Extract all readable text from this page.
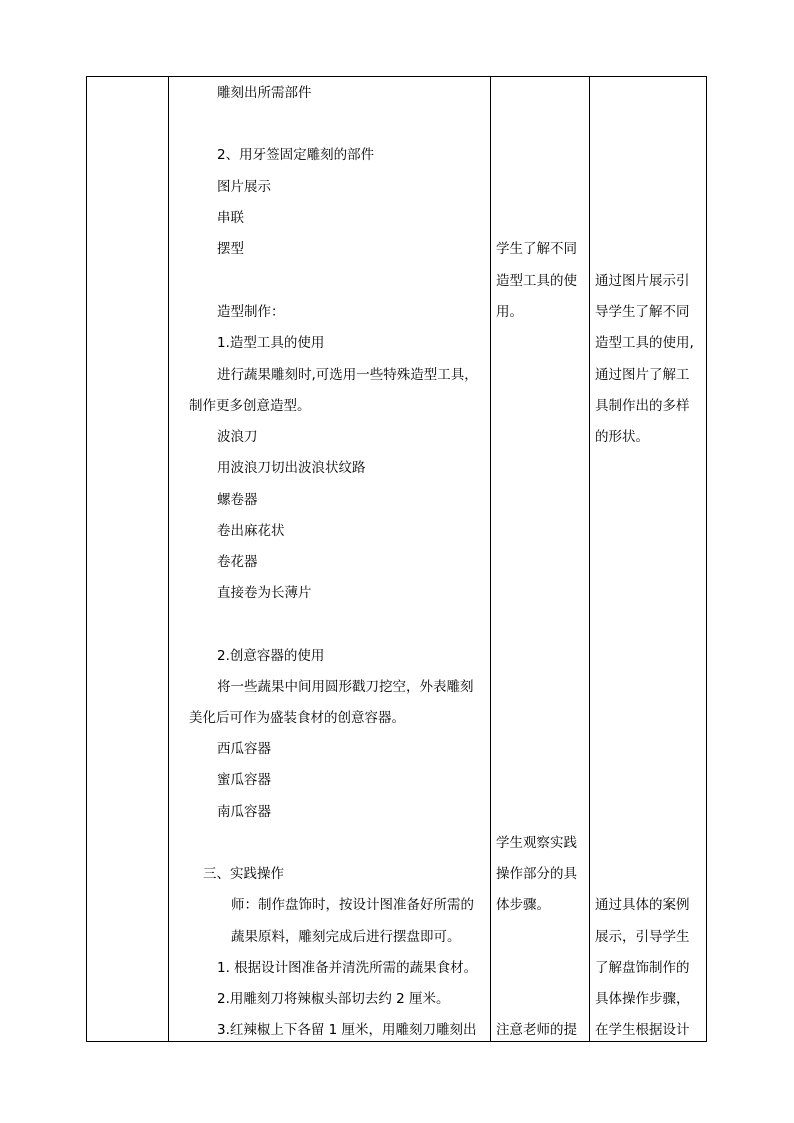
雕刻出所需部件
2、用牙签固定雕刻的部件
图片展示
串联
摆型
造型制作：
1.造型工具的使用
进行蔬果雕刻时,可选用一些特殊造型工具，
制作更多创意造型。
波浪刀
用波浪刀切出波浪状纹路
螺卷器
卷出麻花状
卷花器
直接卷为长薄片
2.创意容器的使用
将一些蔬果中间用圆形戳刀挖空，外表雕刻
美化后可作为盛装食材的创意容器。
西瓜容器
蜜瓜容器
南瓜容器
三、实践操作
师：制作盘饰时，按设计图准备好所需的
蔬果原料，雕刻完成后进行摆盘即可。
1. 根据设计图准备并清洗所需的蔬果食材。
2.用雕刻刀将辣椒头部切去约 2 厘米。
3.红辣椒上下各留 1 厘米，用雕刻刀雕刻出
学生了解不同
造型工具的使
用。
学生观察实践
操作部分的具
体步骤。
注意老师的提
通过图片展示引
导学生了解不同
造型工具的使用,
通过图片了解工
具制作出的多样
的形状。
通过具体的案例
展示，引导学生
了解盘饰制作的
具体操作步骤，
在学生根据设计
